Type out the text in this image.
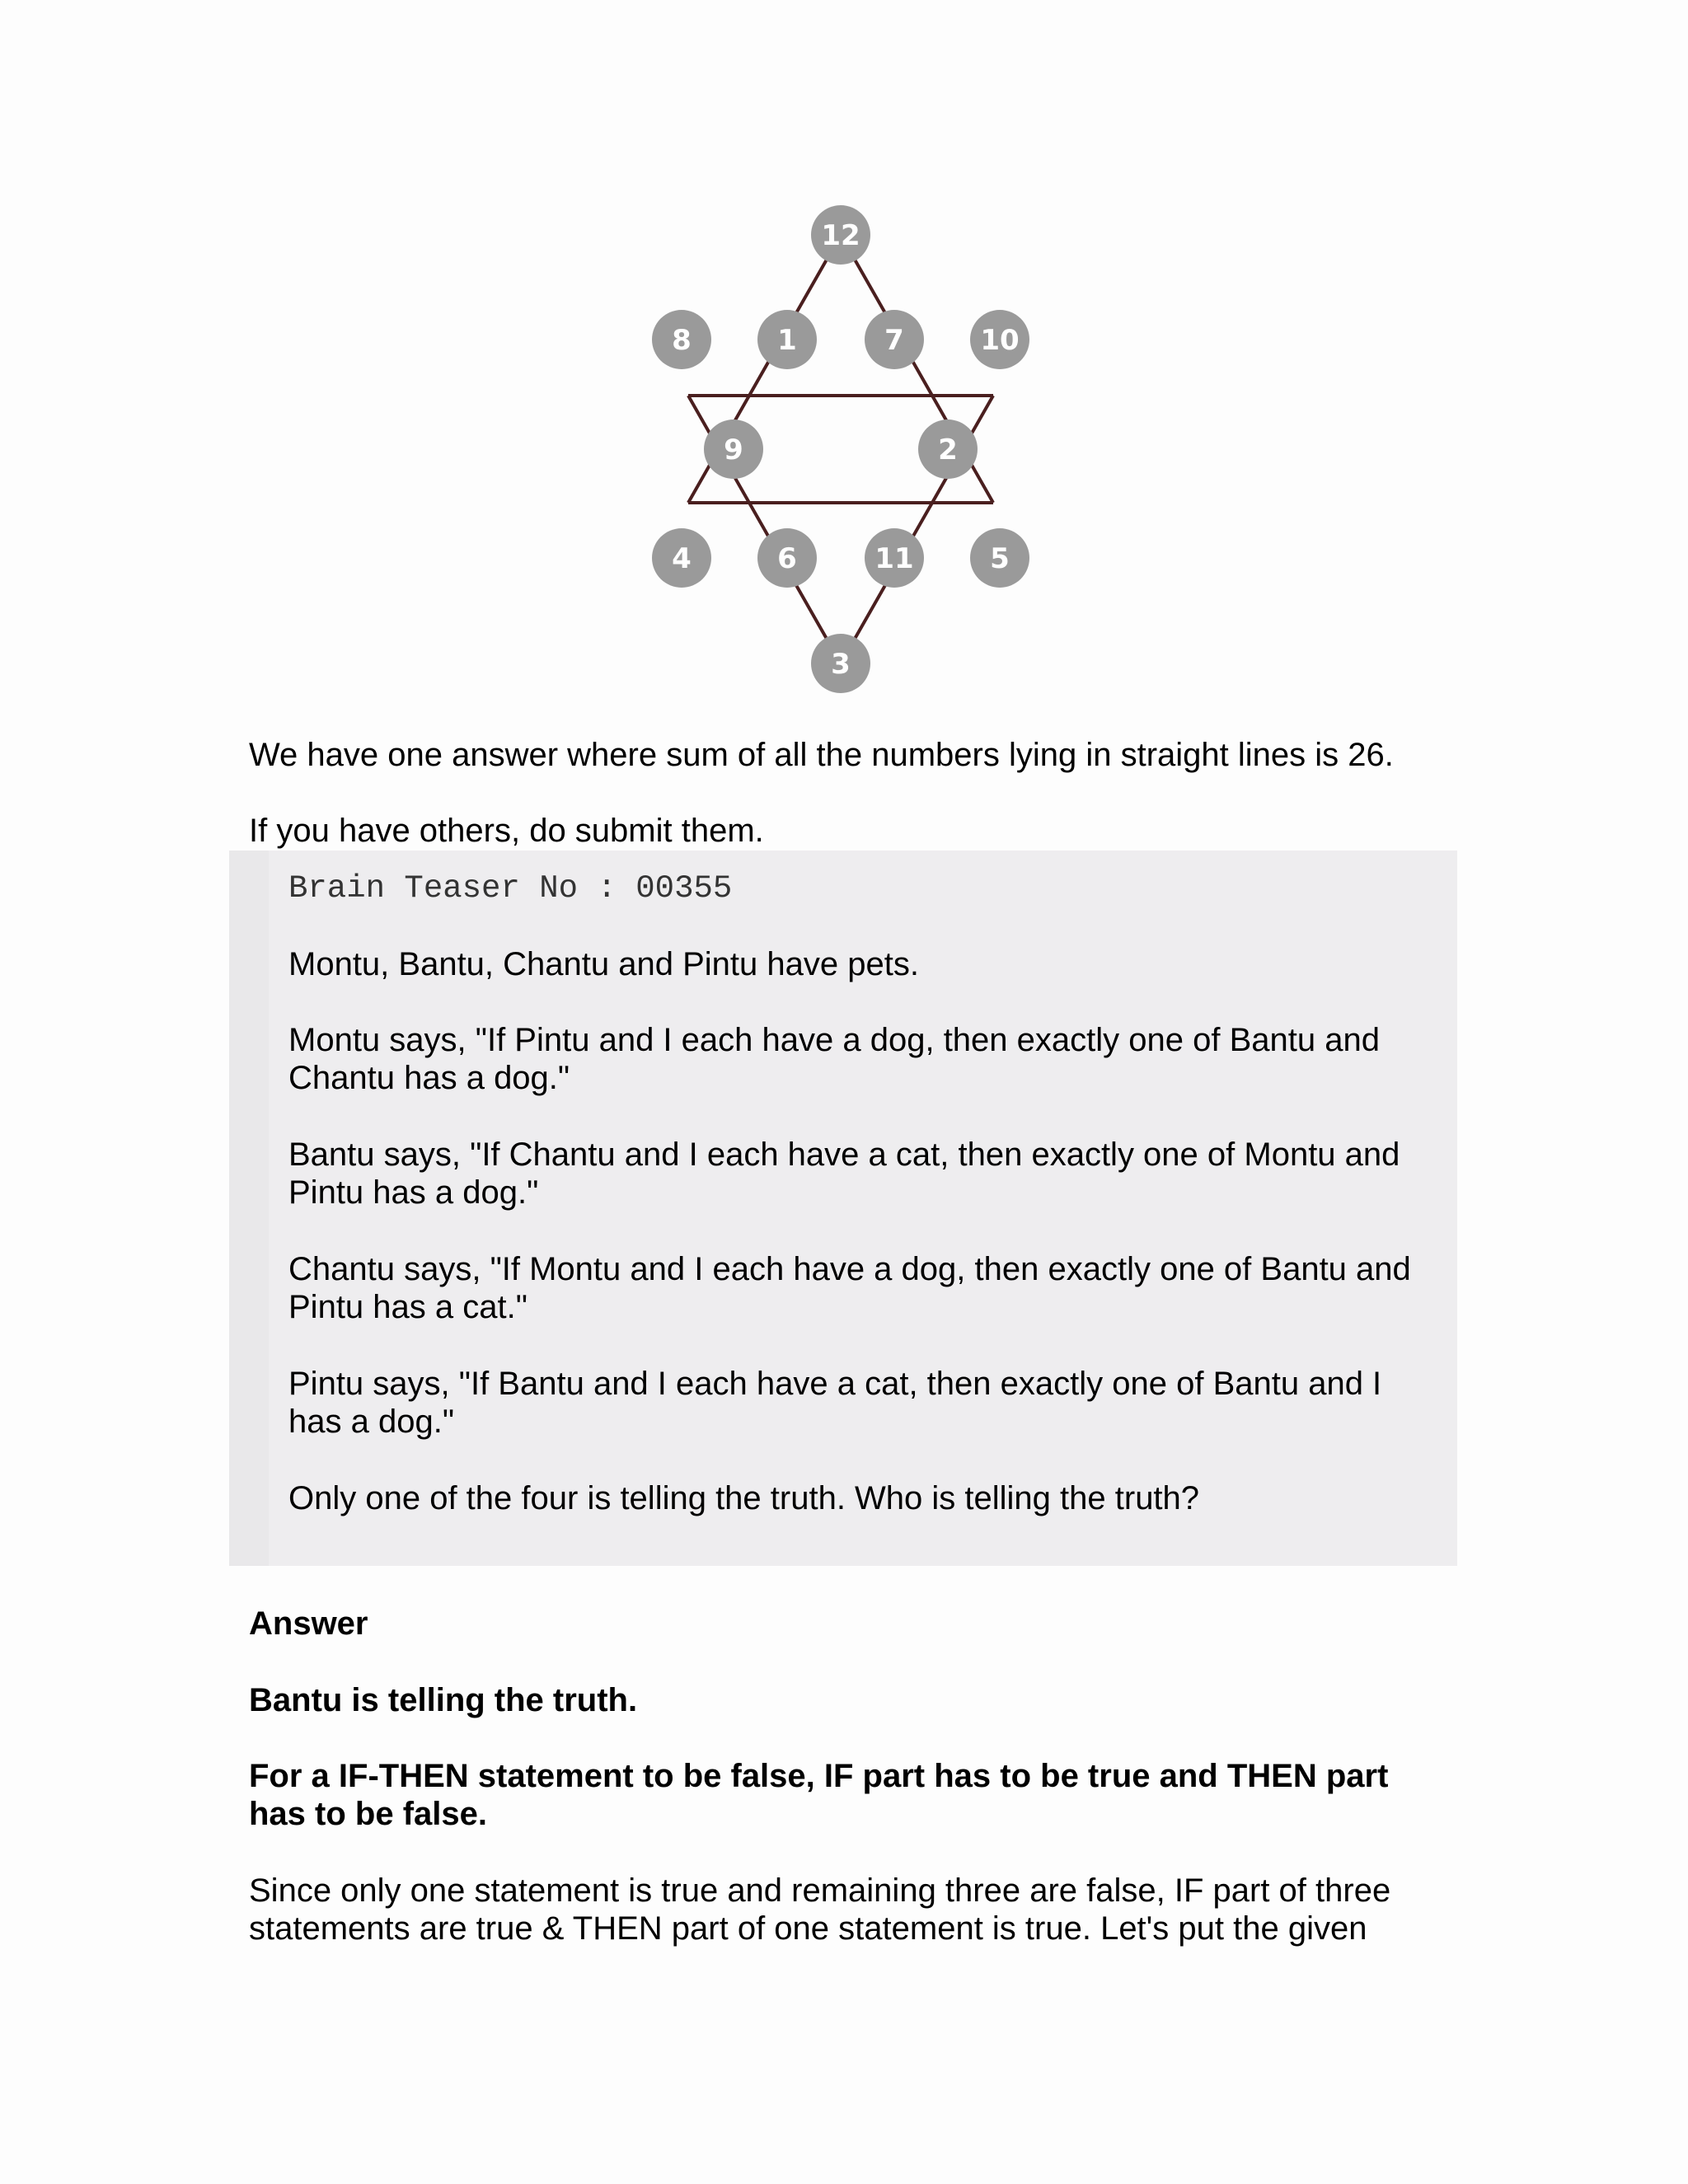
12
8	1	7	10
9	2
4	6	11	5
3

We have one answer where sum of all the numbers lying in straight lines is 26.

If you have others, do submit them.

Brain Teaser No : 00355

Montu, Bantu, Chantu and Pintu have pets.

Montu says, "If Pintu and I each have a dog, then exactly one of Bantu and Chantu has a dog."

Bantu says, "If Chantu and I each have a cat, then exactly one of Montu and Pintu has a dog."

Chantu says, "If Montu and I each have a dog, then exactly one of Bantu and Pintu has a cat."

Pintu says, "If Bantu and I each have a cat, then exactly one of Bantu and I has a dog."

Only one of the four is telling the truth. Who is telling the truth?

Answer

Bantu is telling the truth.

For a IF-THEN statement to be false, IF part has to be true and THEN part has to be false.

Since only one statement is true and remaining three are false, IF part of three statements are true & THEN part of one statement is true. Let's put the given
